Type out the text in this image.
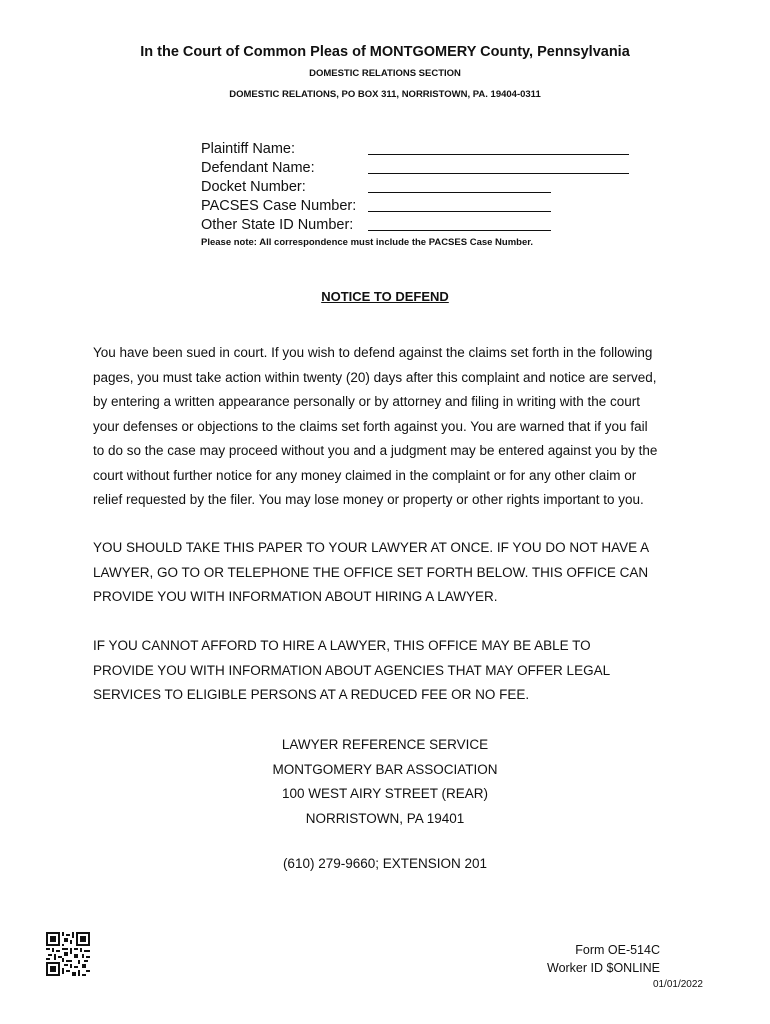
In the Court of Common Pleas of MONTGOMERY County, Pennsylvania
DOMESTIC RELATIONS SECTION
DOMESTIC RELATIONS, PO BOX 311, NORRISTOWN, PA. 19404-0311
Plaintiff Name:
Defendant Name:
Docket Number:
PACSES Case Number:
Other State ID Number:
Please note: All correspondence must include the PACSES Case Number.
NOTICE TO DEFEND
You have been sued in court. If you wish to defend against the claims set forth in the following
pages, you must take action within twenty (20) days after this complaint and notice are served,
by entering a written appearance personally or by attorney and filing in writing with the court
your defenses or objections to the claims set forth against you. You are warned that if you fail
to do so the case may proceed without you and a judgment may be entered against you by the
court without further notice for any money claimed in the complaint or for any other claim or
relief requested by the filer. You may lose money or property or other rights important to you.
YOU SHOULD TAKE THIS PAPER TO YOUR LAWYER AT ONCE. IF YOU DO NOT HAVE A
LAWYER, GO TO OR TELEPHONE THE OFFICE SET FORTH BELOW. THIS OFFICE CAN
PROVIDE YOU WITH INFORMATION ABOUT HIRING A LAWYER.
IF YOU CANNOT AFFORD TO HIRE A LAWYER, THIS OFFICE MAY BE ABLE TO
PROVIDE YOU WITH INFORMATION ABOUT AGENCIES THAT MAY OFFER LEGAL
SERVICES TO ELIGIBLE PERSONS AT A REDUCED FEE OR NO FEE.
LAWYER REFERENCE SERVICE
MONTGOMERY BAR ASSOCIATION
100 WEST AIRY STREET (REAR)
NORRISTOWN, PA 19401
(610) 279-9660; EXTENSION 201
Form OE-514C
Worker ID $ONLINE
01/01/2022
